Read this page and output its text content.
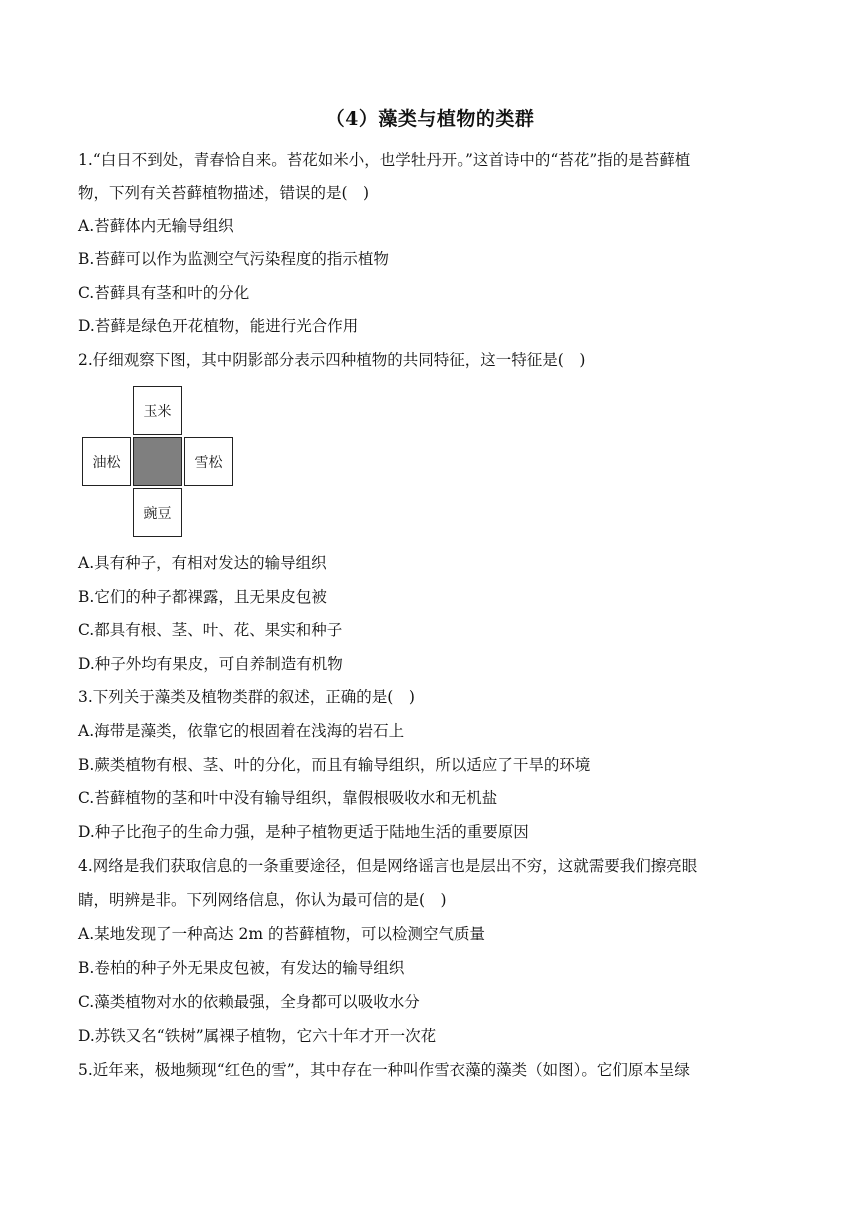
（4）藻类与植物的类群
1.“白日不到处，青春恰自来。苔花如米小，也学牡丹开。”这首诗中的“苔花”指的是苔藓植
物，下列有关苔藓植物描述，错误的是(　)
A.苔藓体内无输导组织
B.苔藓可以作为监测空气污染程度的指示植物
C.苔藓具有茎和叶的分化
D.苔藓是绿色开花植物，能进行光合作用
2.仔细观察下图，其中阴影部分表示四种植物的共同特征，这一特征是(　)
玉米
油松	雪松
豌豆
A.具有种子，有相对发达的输导组织
B.它们的种子都裸露，且无果皮包被
C.都具有根、茎、叶、花、果实和种子
D.种子外均有果皮，可自养制造有机物
3.下列关于藻类及植物类群的叙述，正确的是(　)
A.海带是藻类，依靠它的根固着在浅海的岩石上
B.蕨类植物有根、茎、叶的分化，而且有输导组织，所以适应了干旱的环境
C.苔藓植物的茎和叶中没有输导组织，靠假根吸收水和无机盐
D.种子比孢子的生命力强，是种子植物更适于陆地生活的重要原因
4.网络是我们获取信息的一条重要途径，但是网络谣言也是层出不穷，这就需要我们擦亮眼
睛，明辨是非。下列网络信息，你认为最可信的是(　)
A.某地发现了一种高达 2m 的苔藓植物，可以检测空气质量
B.卷柏的种子外无果皮包被，有发达的输导组织
C.藻类植物对水的依赖最强，全身都可以吸收水分
D.苏铁又名“铁树”属裸子植物，它六十年才开一次花
5.近年来，极地频现“红色的雪”，其中存在一种叫作雪衣藻的藻类（如图）。它们原本呈绿
